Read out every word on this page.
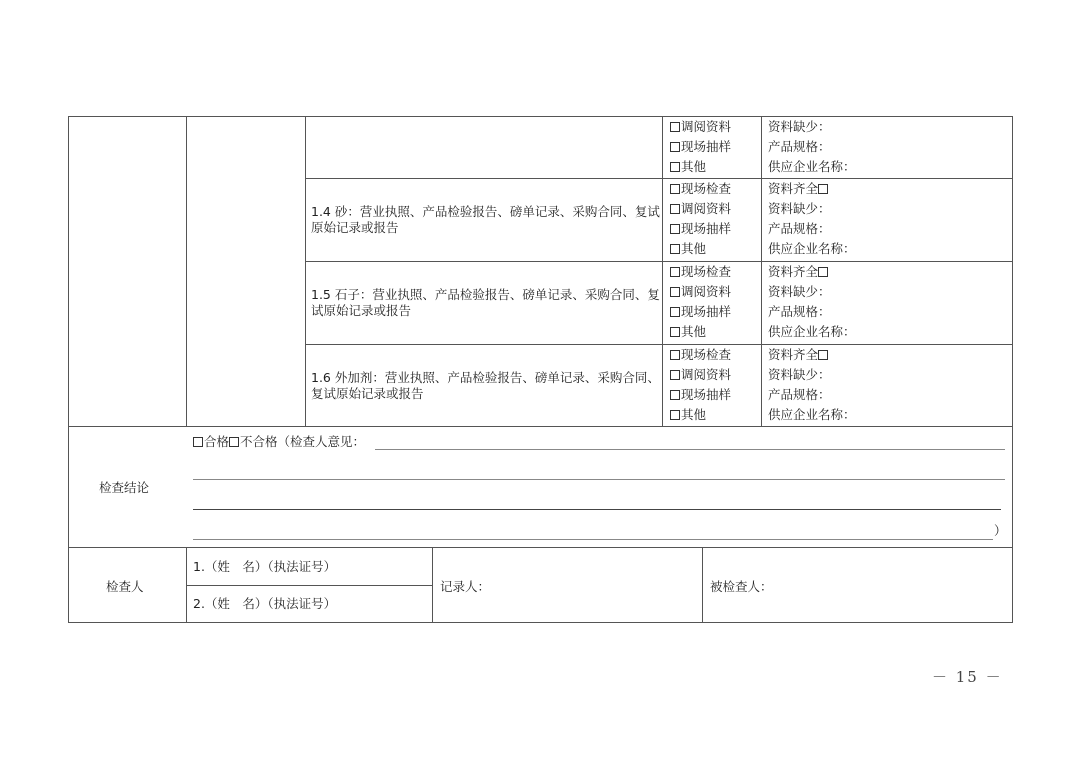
调阅资料
现场抽样
其他
资料缺少：
产品规格：
供应企业名称：
1.4 砂：营业执照、产品检验报告、磅单记录、采购合同、复试原始记录或报告
现场检查
调阅资料
现场抽样
其他
资料齐全
资料缺少：
产品规格：
供应企业名称：
1.5 石子：营业执照、产品检验报告、磅单记录、采购合同、复试原始记录或报告
现场检查
调阅资料
现场抽样
其他
资料齐全
资料缺少：
产品规格：
供应企业名称：
1.6 外加剂：营业执照、产品检验报告、磅单记录、采购合同、复试原始记录或报告
现场检查
调阅资料
现场抽样
其他
资料齐全
资料缺少：
产品规格：
供应企业名称：
检查结论
合格 不合格（检查人意见：
）
检查人
1.（姓　名）（执法证号）
2.（姓　名）（执法证号）
记录人：	被检查人：
－ 15 －
